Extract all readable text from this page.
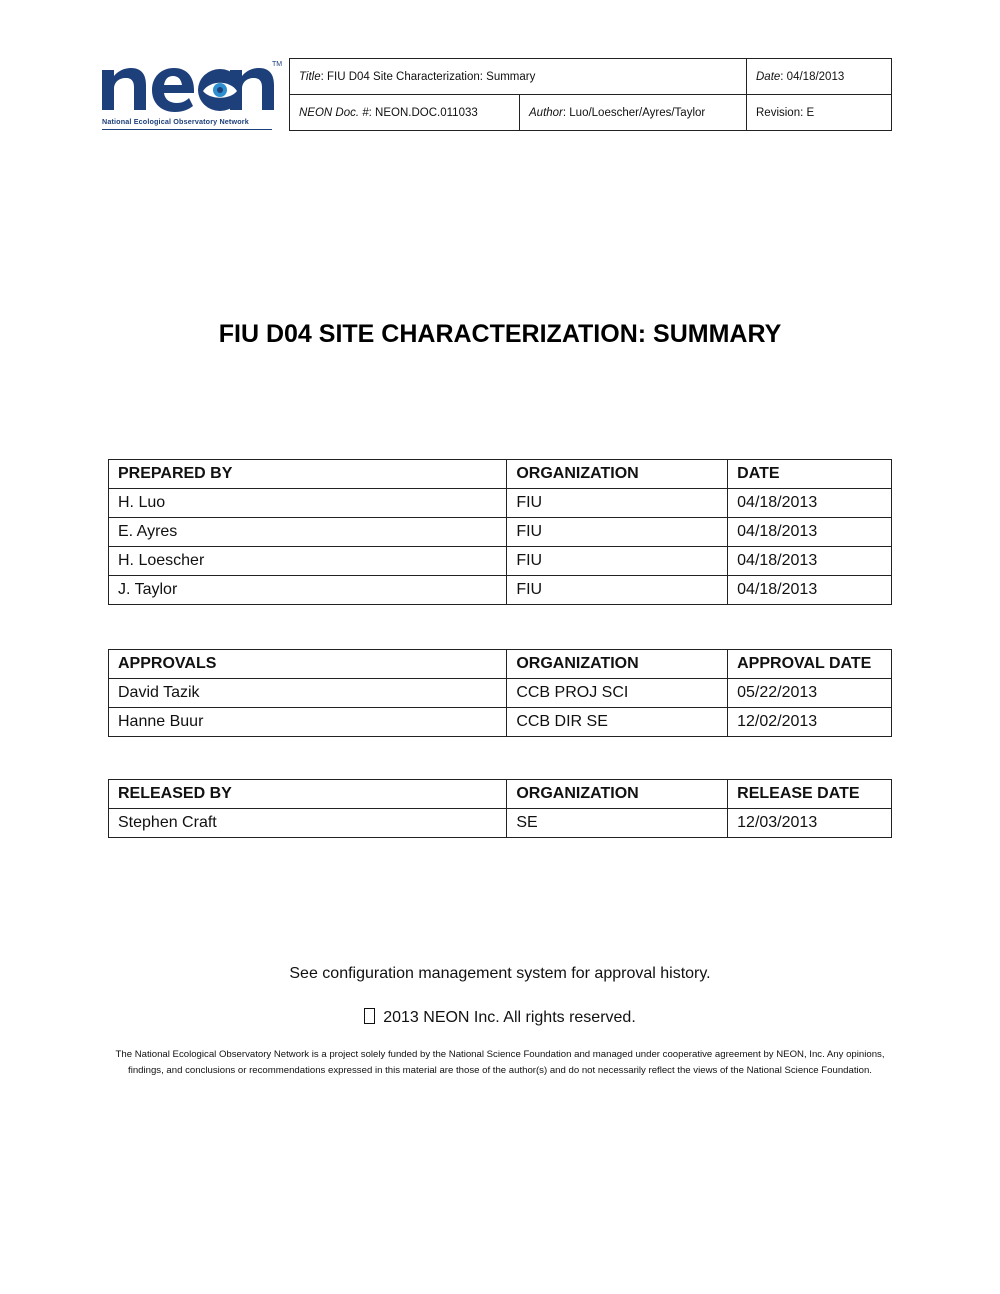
TM
National Ecological Observatory Network
Title: FIU D04 Site Characterization: Summary		Date: 04/18/2013
NEON Doc. #: NEON.DOC.011033	Author: Luo/Loescher/Ayres/Taylor	Revision: E
FIU D04 SITE CHARACTERIZATION: SUMMARY
PREPARED BY	ORGANIZATION	DATE
H. Luo	FIU	04/18/2013
E. Ayres	FIU	04/18/2013
H. Loescher	FIU	04/18/2013
J. Taylor	FIU	04/18/2013
APPROVALS	ORGANIZATION	APPROVAL DATE
David Tazik	CCB PROJ SCI	05/22/2013
Hanne Buur	CCB DIR SE	12/02/2013
RELEASED BY	ORGANIZATION	RELEASE DATE
Stephen Craft	SE	12/03/2013
See configuration management system for approval history.
2013 NEON Inc. All rights reserved.
The National Ecological Observatory Network is a project solely funded by the National Science Foundation and managed under cooperative agreement by NEON, Inc. Any opinions, findings, and conclusions or recommendations expressed in this material are those of the author(s) and do not necessarily reflect the views of the National Science Foundation.
